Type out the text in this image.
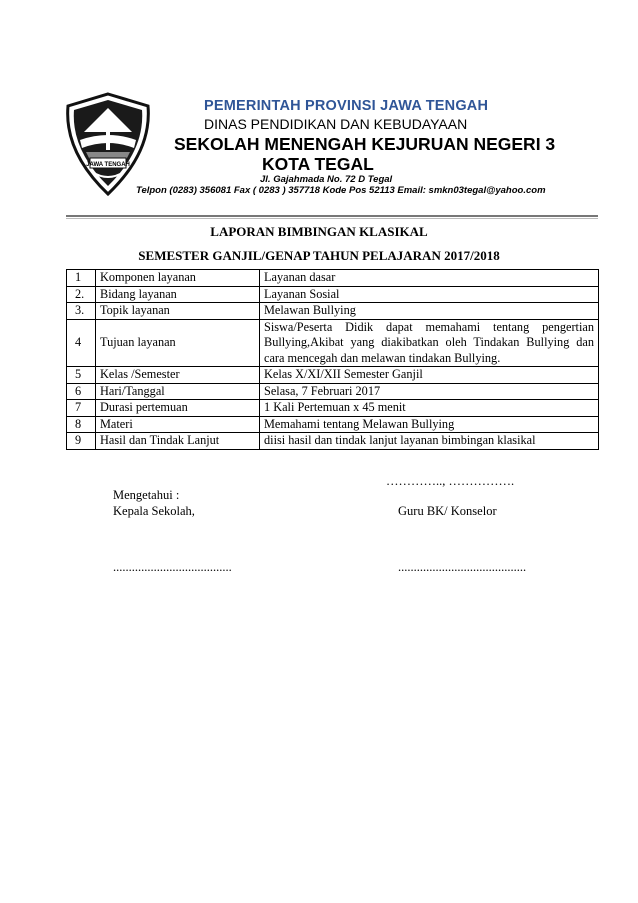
JAWA TENGAH
PEMERINTAH PROVINSI JAWA TENGAH
DINAS PENDIDIKAN DAN KEBUDAYAAN
SEKOLAH MENENGAH KEJURUAN NEGERI 3
KOTA TEGAL
Jl. Gajahmada No. 72 D Tegal
Telpon (0283) 356081 Fax ( 0283 ) 357718 Kode Pos 52113 Email: smkn03tegal@yahoo.com
LAPORAN BIMBINGAN KLASIKAL
SEMESTER GANJIL/GENAP TAHUN PELAJARAN 2017/2018
1	Komponen layanan	Layanan dasar
2.	Bidang layanan	Layanan Sosial
3.	Topik layanan	Melawan Bullying
4	Tujuan layanan	Siswa/Peserta Didik dapat memahami tentang pengertian Bullying,Akibat yang diakibatkan oleh Tindakan Bullying dan cara mencegah dan melawan tindakan Bullying.
5	Kelas /Semester	Kelas X/XI/XII Semester Ganjil
6	Hari/Tanggal	Selasa, 7 Februari 2017
7	Durasi pertemuan	1 Kali Pertemuan x 45 menit
8	Materi	Memahami tentang Melawan Bullying
9	Hasil dan Tindak Lanjut	diisi hasil dan tindak lanjut layanan bimbingan klasikal
………….., …………….
Mengetahui :
Kepala Sekolah,	Guru BK/ Konselor
......................................	.........................................
